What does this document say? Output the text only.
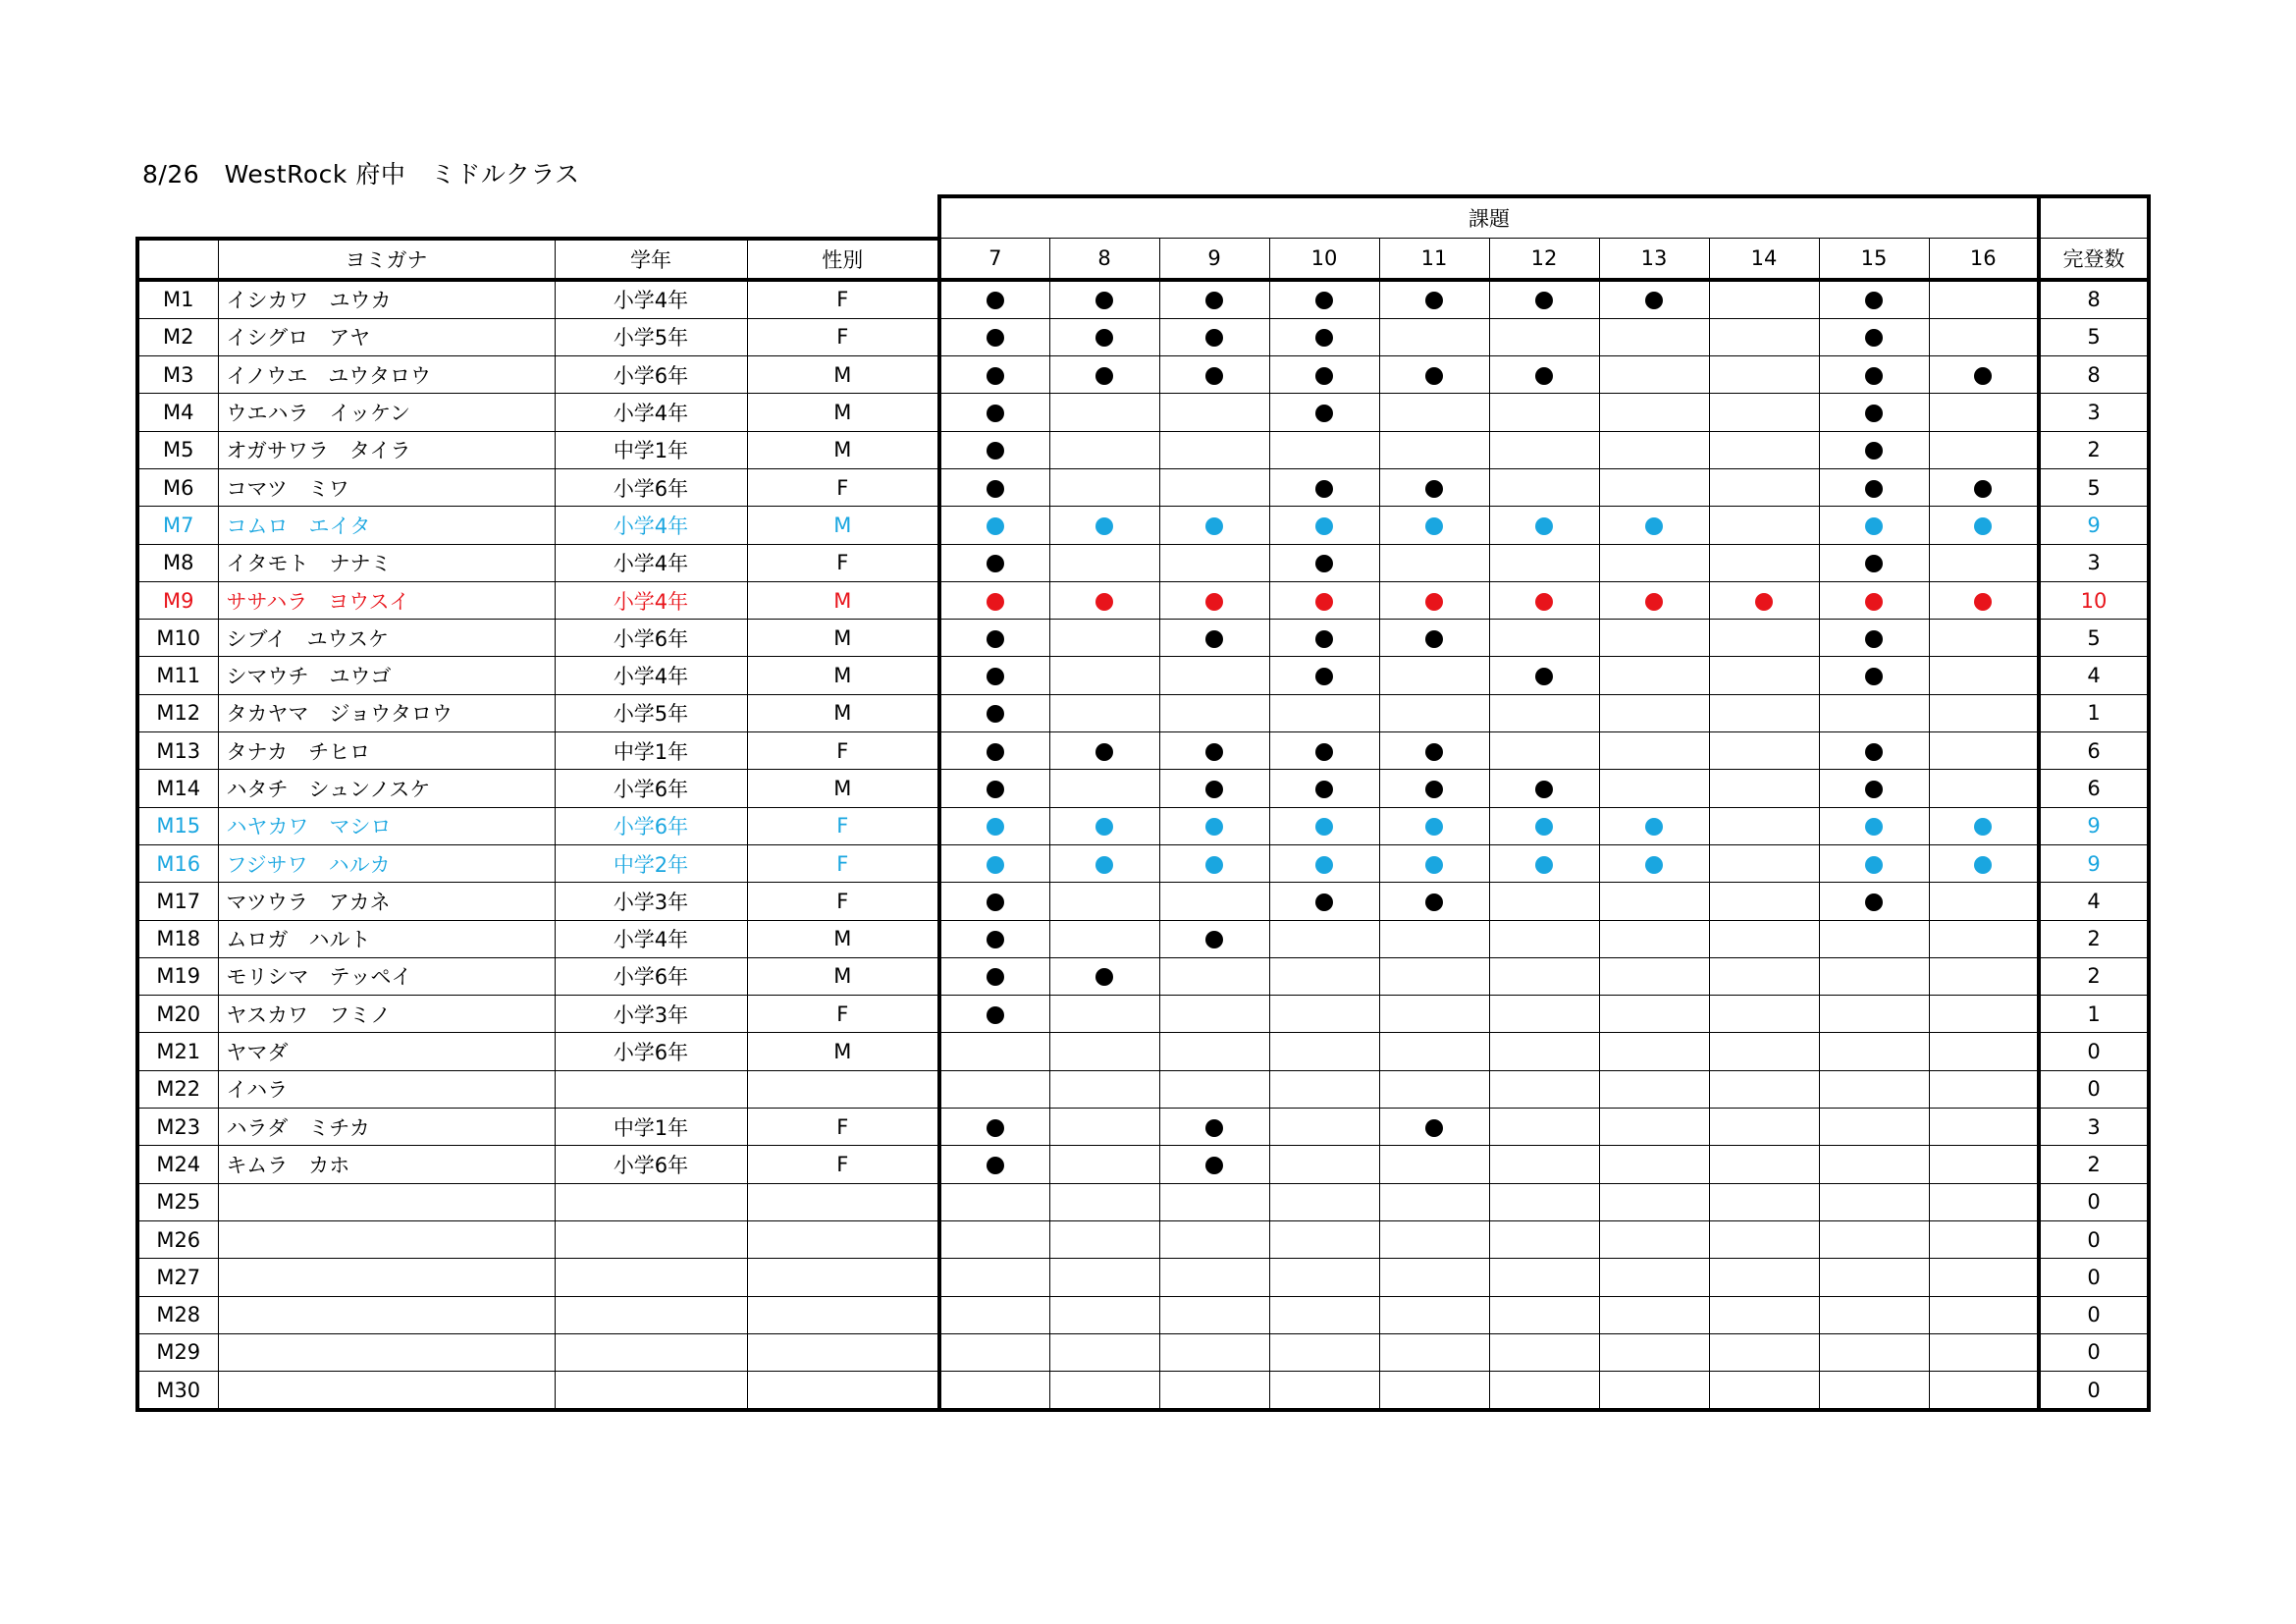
8/26　WestRock 府中　ミドルクラス
				課題										
	ヨミガナ	学年	性別	7	8	9	10	11	12	13	14	15	16	完登数
M1	イシカワ　ユウカ	小学4年	F											8
M2	イシグロ　アヤ	小学5年	F											5
M3	イノウエ　ユウタロウ	小学6年	M											8
M4	ウエハラ　イッケン	小学4年	M											3
M5	オガサワラ　タイラ	中学1年	M											2
M6	コマツ　ミワ	小学6年	F											5
M7	コムロ　エイタ	小学4年	M											9
M8	イタモト　ナナミ	小学4年	F											3
M9	ササハラ　ヨウスイ	小学4年	M											10
M10	シブイ　ユウスケ	小学6年	M											5
M11	シマウチ　ユウゴ	小学4年	M											4
M12	タカヤマ　ジョウタロウ	小学5年	M											1
M13	タナカ　チヒロ	中学1年	F											6
M14	ハタチ　シュンノスケ	小学6年	M											6
M15	ハヤカワ　マシロ	小学6年	F											9
M16	フジサワ　ハルカ	中学2年	F											9
M17	マツウラ　アカネ	小学3年	F											4
M18	ムロガ　ハルト	小学4年	M											2
M19	モリシマ　テッペイ	小学6年	M											2
M20	ヤスカワ　フミノ	小学3年	F											1
M21	ヤマダ	小学6年	M											0
M22	イハラ													0
M23	ハラダ　ミチカ	中学1年	F											3
M24	キムラ　カホ	小学6年	F											2
M25														0
M26														0
M27														0
M28														0
M29														0
M30														0
